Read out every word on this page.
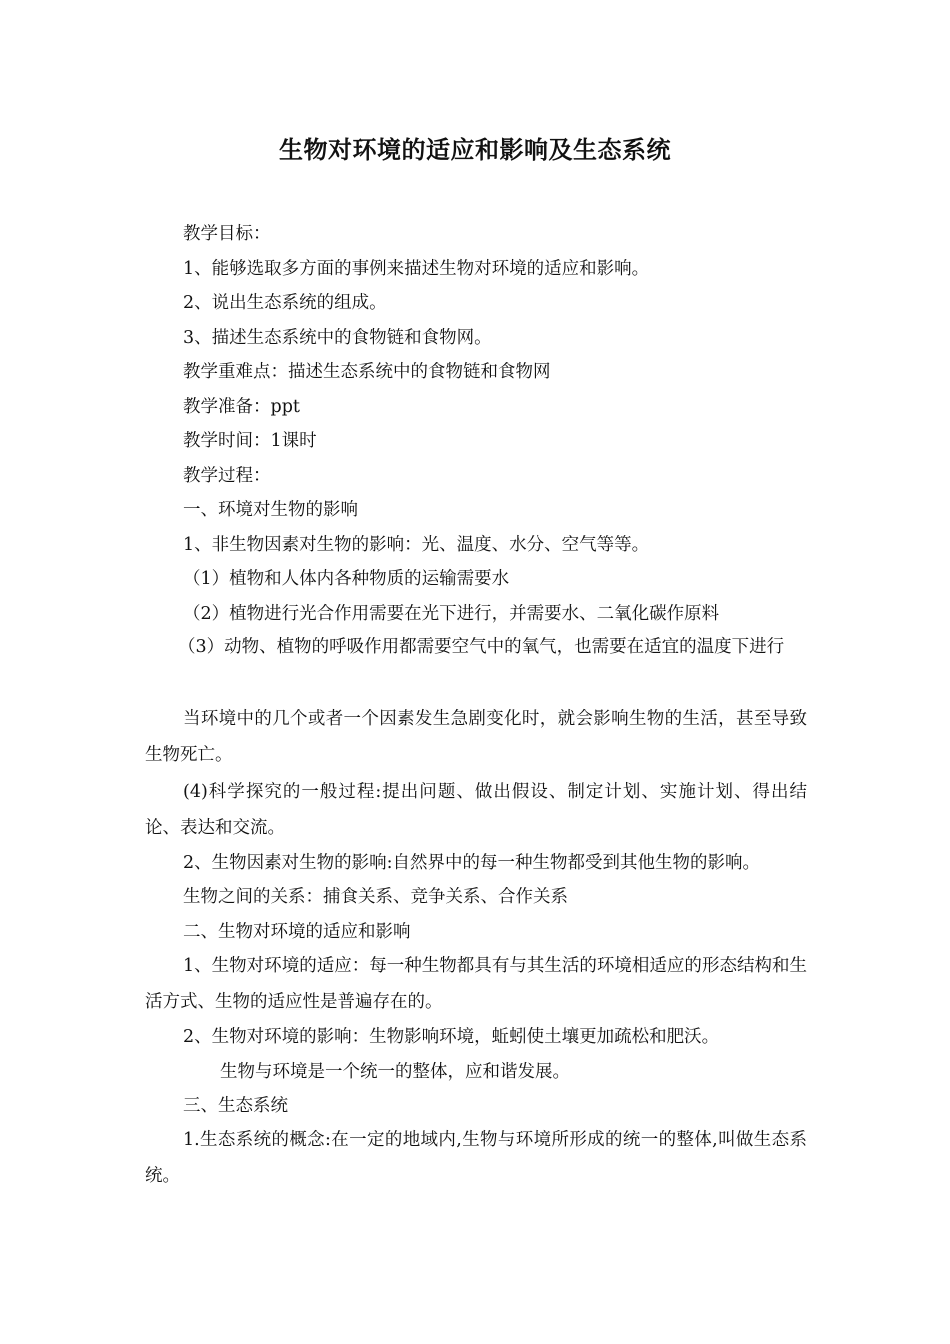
生物对环境的适应和影响及生态系统
教学目标：
1、能够选取多方面的事例来描述生物对环境的适应和影响。
2、说出生态系统的组成。
3、描述生态系统中的食物链和食物网。
教学重难点：描述生态系统中的食物链和食物网
教学准备：ppt
教学时间：1课时
教学过程：
一、环境对生物的影响
1、非生物因素对生物的影响：光、温度、水分、空气等等。
（1）植物和人体内各种物质的运输需要水
（2）植物进行光合作用需要在光下进行，并需要水、二氧化碳作原料
（3）动物、植物的呼吸作用都需要空气中的氧气，也需要在适宜的温度下进行
当环境中的几个或者一个因素发生急剧变化时，就会影响生物的生活，甚至导致生物死亡。
(4)科学探究的一般过程:提出问题、做出假设、制定计划、实施计划、得出结论、表达和交流。
2、生物因素对生物的影响:自然界中的每一种生物都受到其他生物的影响。
生物之间的关系：捕食关系、竞争关系、合作关系
二、生物对环境的适应和影响
1、生物对环境的适应：每一种生物都具有与其生活的环境相适应的形态结构和生活方式、生物的适应性是普遍存在的。
2、生物对环境的影响：生物影响环境，蚯蚓使土壤更加疏松和肥沃。
生物与环境是一个统一的整体，应和谐发展。
三、生态系统
1.生态系统的概念:在一定的地域内,生物与环境所形成的统一的整体,叫做生态系统。
